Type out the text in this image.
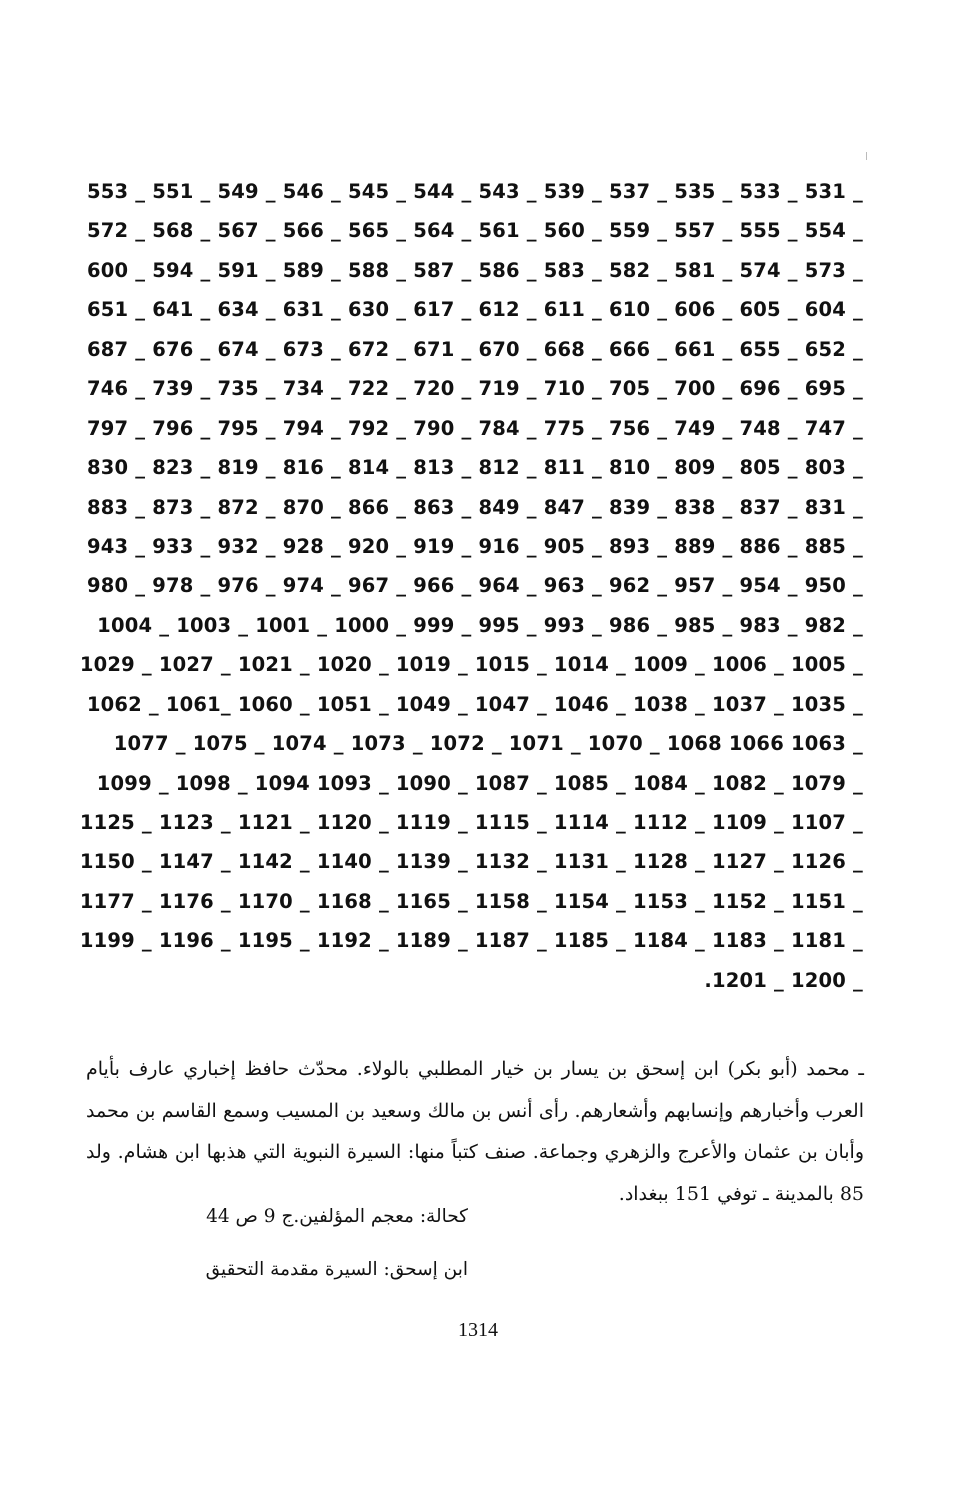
_ 531 _ 533 _ 535 _ 537 _ 539 _ 543 _ 544 _ 545 _ 546 _ 549 _ 551 _ 553
_ 554 _ 555 _ 557 _ 559 _ 560 _ 561 _ 564 _ 565 _ 566 _ 567 _ 568 _ 572
_ 573 _ 574 _ 581 _ 582 _ 583 _ 586 _ 587 _ 588 _ 589 _ 591 _ 594 _ 600
_ 604 _ 605 _ 606 _ 610 _ 611 _ 612 _ 617 _ 630 _ 631 _ 634 _ 641 _ 651
_ 652 _ 655 _ 661 _ 666 _ 668 _ 670 _ 671 _ 672 _ 673 _ 674 _ 676 _ 687
_ 695 _ 696 _ 700 _ 705 _ 710 _ 719 _ 720 _ 722 _ 734 _ 735 _ 739 _ 746
_ 747 _ 748 _ 749 _ 756 _ 775 _ 784 _ 790 _ 792 _ 794 _ 795 _ 796 _ 797
_ 803 _ 805 _ 809 _ 810 _ 811 _ 812 _ 813 _ 814 _ 816 _ 819 _ 823 _ 830
_ 831 _ 837 _ 838 _ 839 _ 847 _ 849 _ 863 _ 866 _ 870 _ 872 _ 873 _ 883
_ 885 _ 886 _ 889 _ 893 _ 905 _ 916 _ 919 _ 920 _ 928 _ 932 _ 933 _ 943
_ 950 _ 954 _ 957 _ 962 _ 963 _ 964 _ 966 _ 967 _ 974 _ 976 _ 978 _ 980
_ 982 _ 983 _ 985 _ 986 _ 993 _ 995 _ 999 _ 1000 _ 1001 _ 1003 _ 1004
_ 1005 _ 1006 _ 1009 _ 1014 _ 1015 _ 1019 _ 1020 _ 1021 _ 1027 _ 1029
_ 1035 _ 1037 _ 1038 _ 1046 _ 1047 _ 1049 _ 1051 _ 1060 _1061 _ 1062
_ 1063 1066 1068 _ 1070 _ 1071 _ 1072 _ 1073 _ 1074 _ 1075 _ 1077
_ 1079 _ 1082 _ 1084 _ 1085 _ 1087 _ 1090 _ 1093 1094 _ 1098 _ 1099
_ 1107 _ 1109 _ 1112 _ 1114 _ 1115 _ 1119 _ 1120 _ 1121 _ 1123 _ 1125
_ 1126 _ 1127 _ 1128 _ 1131 _ 1132 _ 1139 _ 1140 _ 1142 _ 1147 _ 1150
_ 1151 _ 1152 _ 1153 _ 1154 _ 1158 _ 1165 _ 1168 _ 1170 _ 1176 _ 1177
_ 1181 _ 1183 _ 1184 _ 1185 _ 1187 _ 1189 _ 1192 _ 1195 _ 1196 _ 1199
_ 1200 _ 1201.

ـ محمد (أبو بكر) ابن إسحق بن يسار بن خيار المطلبي بالولاء. محدّث حافظ إخباري عارف بأيام العرب وأخبارهم وإنسابهم وأشعارهم. رأى أنس بن مالك وسعيد بن المسيب وسمع القاسم بن محمد وأبان بن عثمان والأعرج والزهري وجماعة. صنف كتباً منها: السيرة النبوية التي هذبها ابن هشام. ولد 85 بالمدينة ـ توفي 151 ببغداد.

كحالة: معجم المؤلفين.ج 9 ص 44
ابن إسحق: السيرة مقدمة التحقيق
1314
